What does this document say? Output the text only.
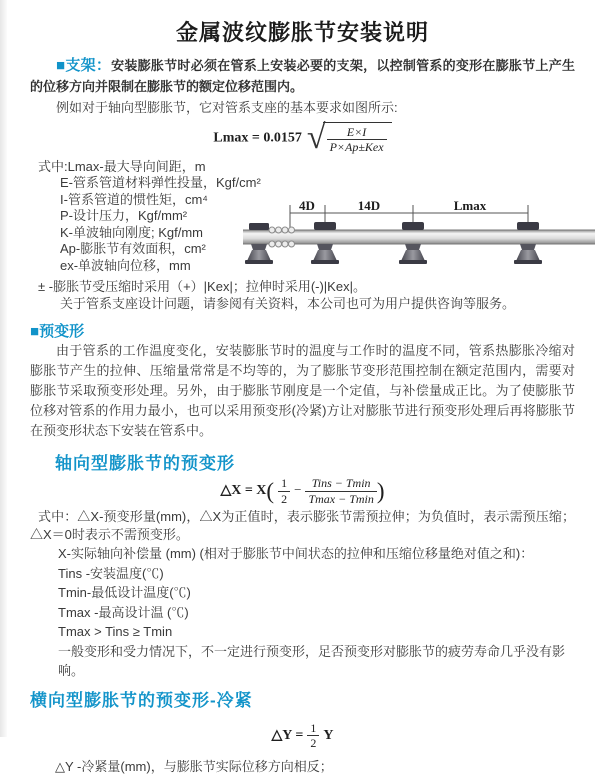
金属波纹膨胀节安装说明

■支架：安装膨胀节时必须在管系上安装必要的支架，以控制管系的变形在膨胀节上产生的位移方向并限制在膨胀节的额定位移范围内。

例如对于轴向型膨胀节，它对管系支座的基本要求如图所示:

Lmax = 0.0157 √ $\frac{E\times I}{\text{P×Ap±Kex}}$
式中:Lmax-最大导向间距，m
E-管系管道材料弹性投量，Kgf/cm²
I-管系管道的惯性矩，cm⁴
P-设计压力，Kgf/mm²
K-单波轴向刚度; Kgf/mm
Ap-膨胀节有效面积，cm²
ex-单波轴向位移，mm
± -膨胀节受压缩时采用（+）|Kex|；拉伸时采用(-)|Kex|。
关于管系支座设计问题，请参阅有关资料，本公司也可为用户提供咨询等服务。
4D	14D	Lmax
■预变形

由于管系的工作温度变化，安装膨胀节时的温度与工作时的温度不同，管系热膨胀冷缩对膨胀节产生的拉伸、压缩量常常是不均等的，为了膨胀节变形范围控制在额定范围内，需要对膨胀节采取预变形处理。另外，由于膨胀节刚度是一个定值，与补偿量成正比。为了使膨胀节位移对管系的作用力最小，也可以采用预变形(冷紧)方让对膨胀节进行预变形处理后再将膨胀节在预变形状态下安装在管系中。

轴向型膨胀节的预变形
△X = $X( \frac{1}{2} - \frac{\text{Tins − Tmin}}{Tmax - Tmin}$ )

式中：△X-预变形量(mm)，△X为正值时，表示膨张节需预拉伸；为负值时，表示需预压缩；△X＝0时表示不需预变形。

X-实际轴向补偿量 (mm) (相对于膨胀节中间状态的拉伸和压缩位移量绝对值之和)：
Tins -安装温度(℃)
Tmin-最低设计温度(℃)
Tmax -最高设计温 (℃)
Tmax > Tins ≥ Tmin
一般变形和受力情况下，不一定进行预变形，足否预变形对膨胀节的疲劳寿命几乎没有影响。
横向型膨胀节的预变形-冷紧
△Y = $\frac{1}{2}$ Y
△Y -冷紧量(mm)，与膨胀节实际位移方向相反；
